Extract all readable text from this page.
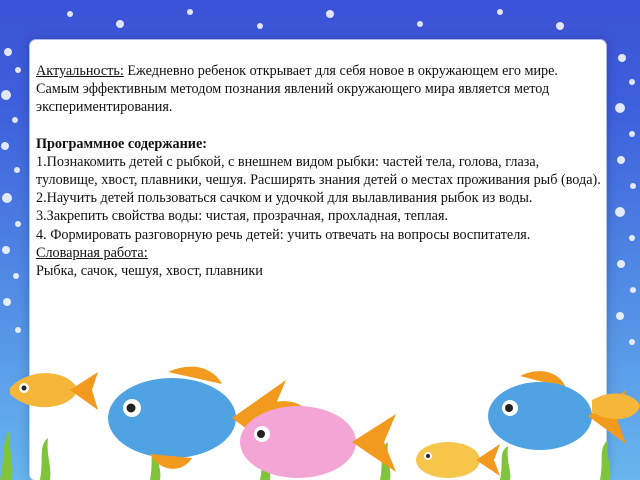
Актуальность: Ежедневно ребенок открывает для себя новое в окружающем его мире. Самым эффективным методом познания явлений окружающего мира является метод экспериментирования.

Программное содержание:

1.Познакомить детей с рыбкой, с внешнем видом рыбки: частей тела, голова, глаза, туловище, хвост, плавники, чешуя. Расширять знания детей о местах проживания рыб (вода).

2.Научить детей пользоваться сачком и удочкой для вылавливания рыбок из воды.

3.Закрепить свойства воды: чистая, прозрачная, прохладная, теплая.

4. Формировать разговорную речь детей: учить отвечать на вопросы воспитателя.

Словарная работа:

Рыбка, сачок, чешуя, хвост, плавники
